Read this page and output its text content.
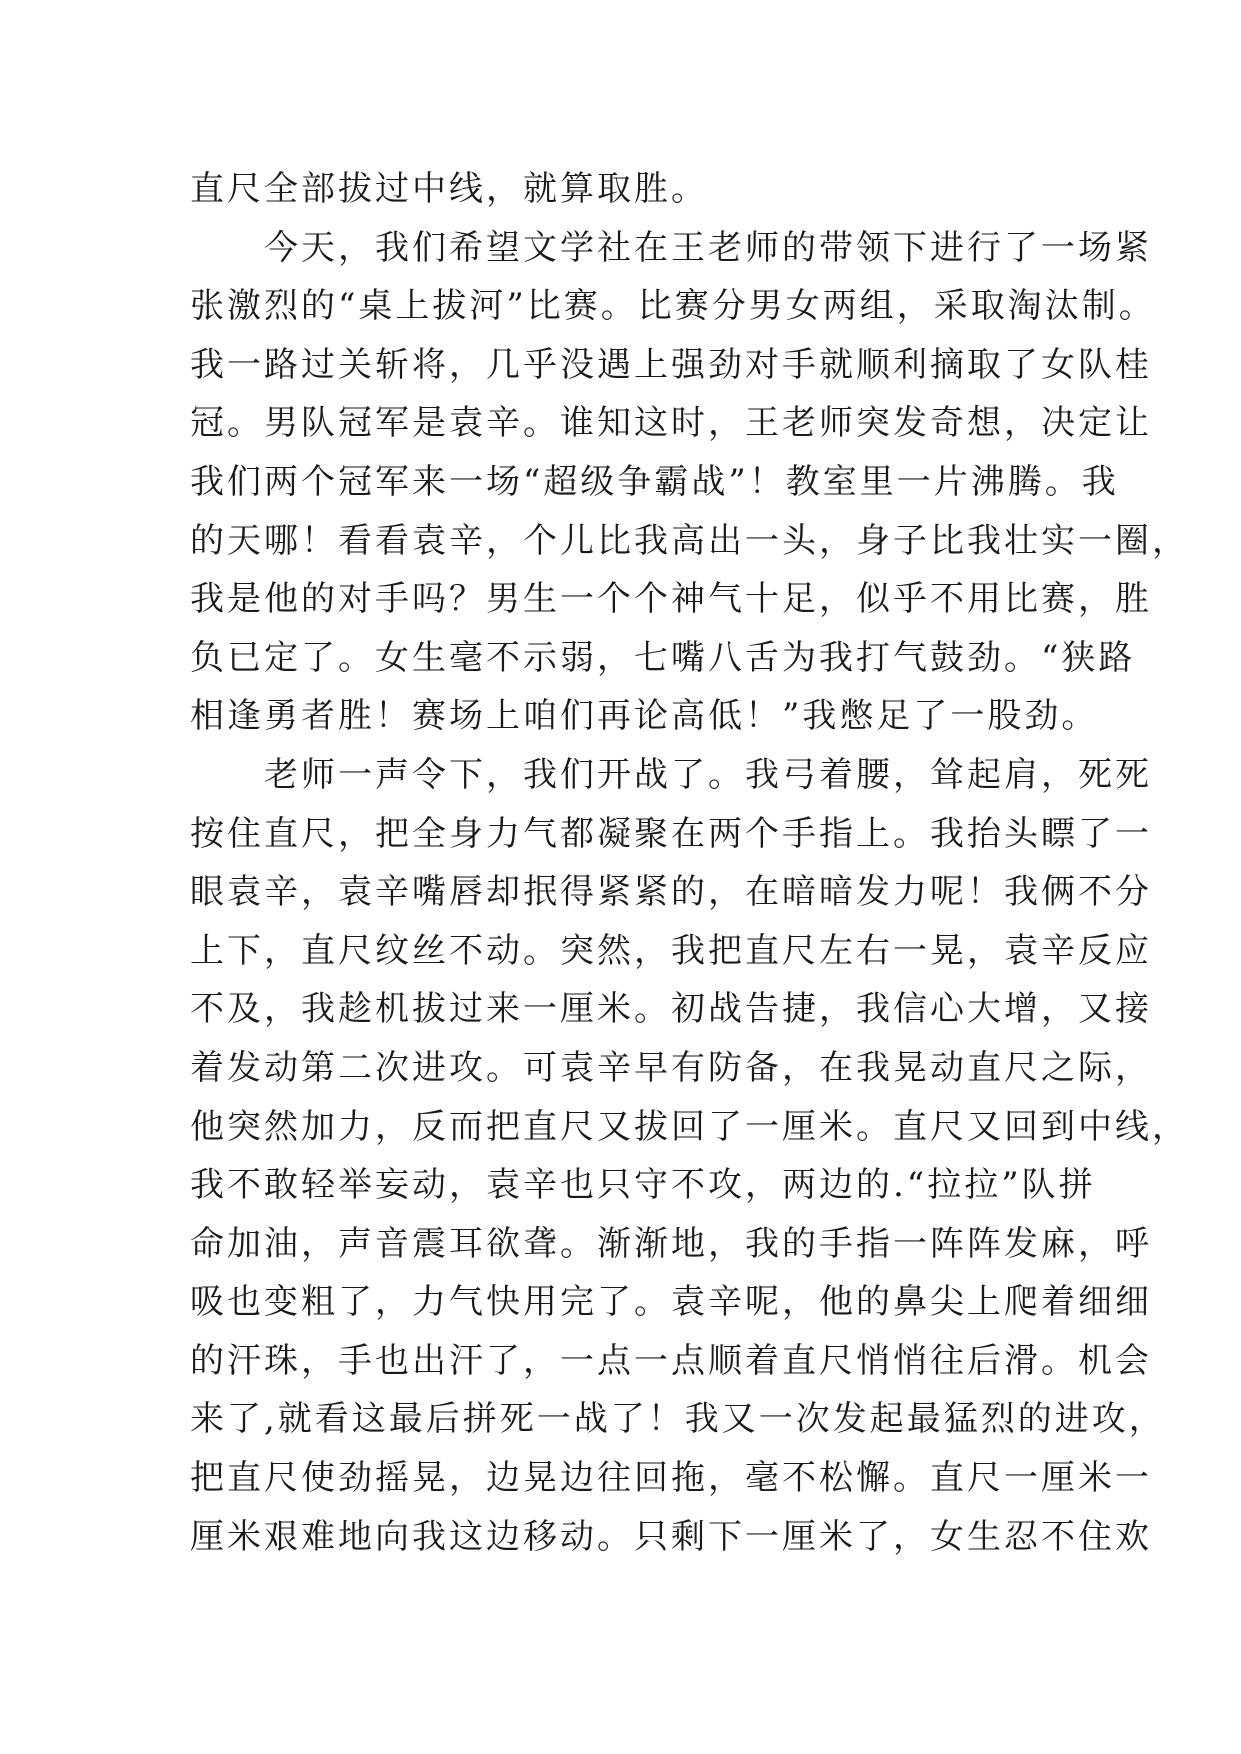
直尺全部拔过中线，就算取胜。
　　今天，我们希望文学社在王老师的带领下进行了一场紧
张激烈的“桌上拔河”比赛。比赛分男女两组，采取淘汰制。
我一路过关斩将，几乎没遇上强劲对手就顺利摘取了女队桂
冠。男队冠军是袁辛。谁知这时，王老师突发奇想，决定让
我们两个冠军来一场“超级争霸战”！教室里一片沸腾。我
的天哪！看看袁辛，个儿比我高出一头，身子比我壮实一圈，
我是他的对手吗？男生一个个神气十足，似乎不用比赛，胜
负已定了。女生毫不示弱，七嘴八舌为我打气鼓劲。“狭路
相逢勇者胜！赛场上咱们再论高低！”我憋足了一股劲。
　　老师一声令下，我们开战了。我弓着腰，耸起肩，死死
按住直尺，把全身力气都凝聚在两个手指上。我抬头瞟了一
眼袁辛，袁辛嘴唇却抿得紧紧的，在暗暗发力呢！我俩不分
上下，直尺纹丝不动。突然，我把直尺左右一晃，袁辛反应
不及，我趁机拔过来一厘米。初战告捷，我信心大增，又接
着发动第二次进攻。可袁辛早有防备，在我晃动直尺之际，
他突然加力，反而把直尺又拔回了一厘米。直尺又回到中线，
我不敢轻举妄动，袁辛也只守不攻，两边的.“拉拉”队拼
命加油，声音震耳欲聋。渐渐地，我的手指一阵阵发麻，呼
吸也变粗了，力气快用完了。袁辛呢，他的鼻尖上爬着细细
的汗珠，手也出汗了，一点一点顺着直尺悄悄往后滑。机会
来了,就看这最后拼死一战了！我又一次发起最猛烈的进攻，
把直尺使劲摇晃，边晃边往回拖，毫不松懈。直尺一厘米一
厘米艰难地向我这边移动。只剩下一厘米了，女生忍不住欢
